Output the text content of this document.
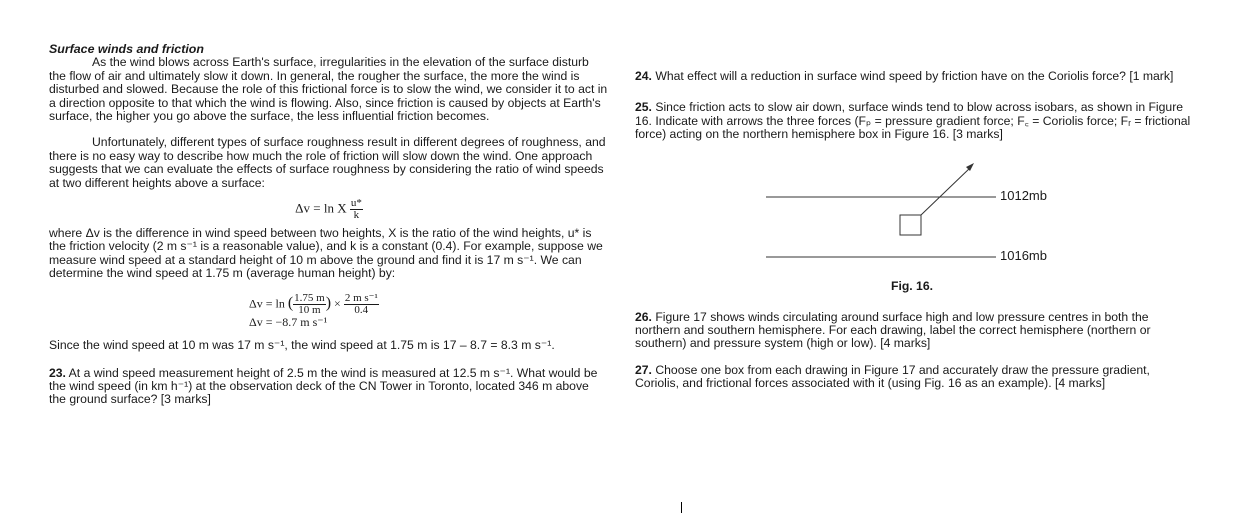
Surface winds and friction

As the wind blows across Earth's surface, irregularities in the elevation of the surface disturb the flow of air and ultimately slow it down. In general, the rougher the surface, the more the wind is disturbed and slowed. Because the role of this frictional force is to slow the wind, we consider it to act in a direction opposite to that which the wind is flowing. Also, since friction is caused by objects at Earth's surface, the higher you go above the surface, the less influential friction becomes.

Unfortunately, different types of surface roughness result in different degrees of roughness, and there is no easy way to describe how much the role of friction will slow down the wind. One approach suggests that we can evaluate the effects of surface roughness by considering the ratio of wind speeds at two different heights above a surface:

Δv = ln X $\frac{u*}{k}$

where Δv is the difference in wind speed between two heights, X is the ratio of the wind heights, u* is the friction velocity (2 m s⁻¹ is a reasonable value), and k is a constant (0.4). For example, suppose we measure wind speed at a standard height of 10 m above the ground and find it is 17 m s⁻¹. We can determine the wind speed at 1.75 m (average human height) by:

Δv = ln ( $\frac{1.75 m}{10 m}$ ) × $\frac{\text{2 m s⁻¹}}{0.4}$
Δv = −8.7 m s⁻¹

Since the wind speed at 10 m was 17 m s⁻¹, the wind speed at 1.75 m is 17 – 8.7 = 8.3 m s⁻¹.

23. At a wind speed measurement height of 2.5 m the wind is measured at 12.5 m s⁻¹. What would be the wind speed (in km h⁻¹) at the observation deck of the CN Tower in Toronto, located 346 m above the ground surface? [3 marks]

24. What effect will a reduction in surface wind speed by friction have on the Coriolis force? [1 mark]

25. Since friction acts to slow air down, surface winds tend to blow across isobars, as shown in Figure 16. Indicate with arrows the three forces (Fₚ = pressure gradient force; F꜀ = Coriolis force; Fᵣ = frictional force) acting on the northern hemisphere box in Figure 16. [3 marks]

1012mb
1016mb
Fig. 16.

26. Figure 17 shows winds circulating around surface high and low pressure centres in both the northern and southern hemisphere. For each drawing, label the correct hemisphere (northern or southern) and pressure system (high or low). [4 marks]

27. Choose one box from each drawing in Figure 17 and accurately draw the pressure gradient, Coriolis, and frictional forces associated with it (using Fig. 16 as an example). [4 marks]
